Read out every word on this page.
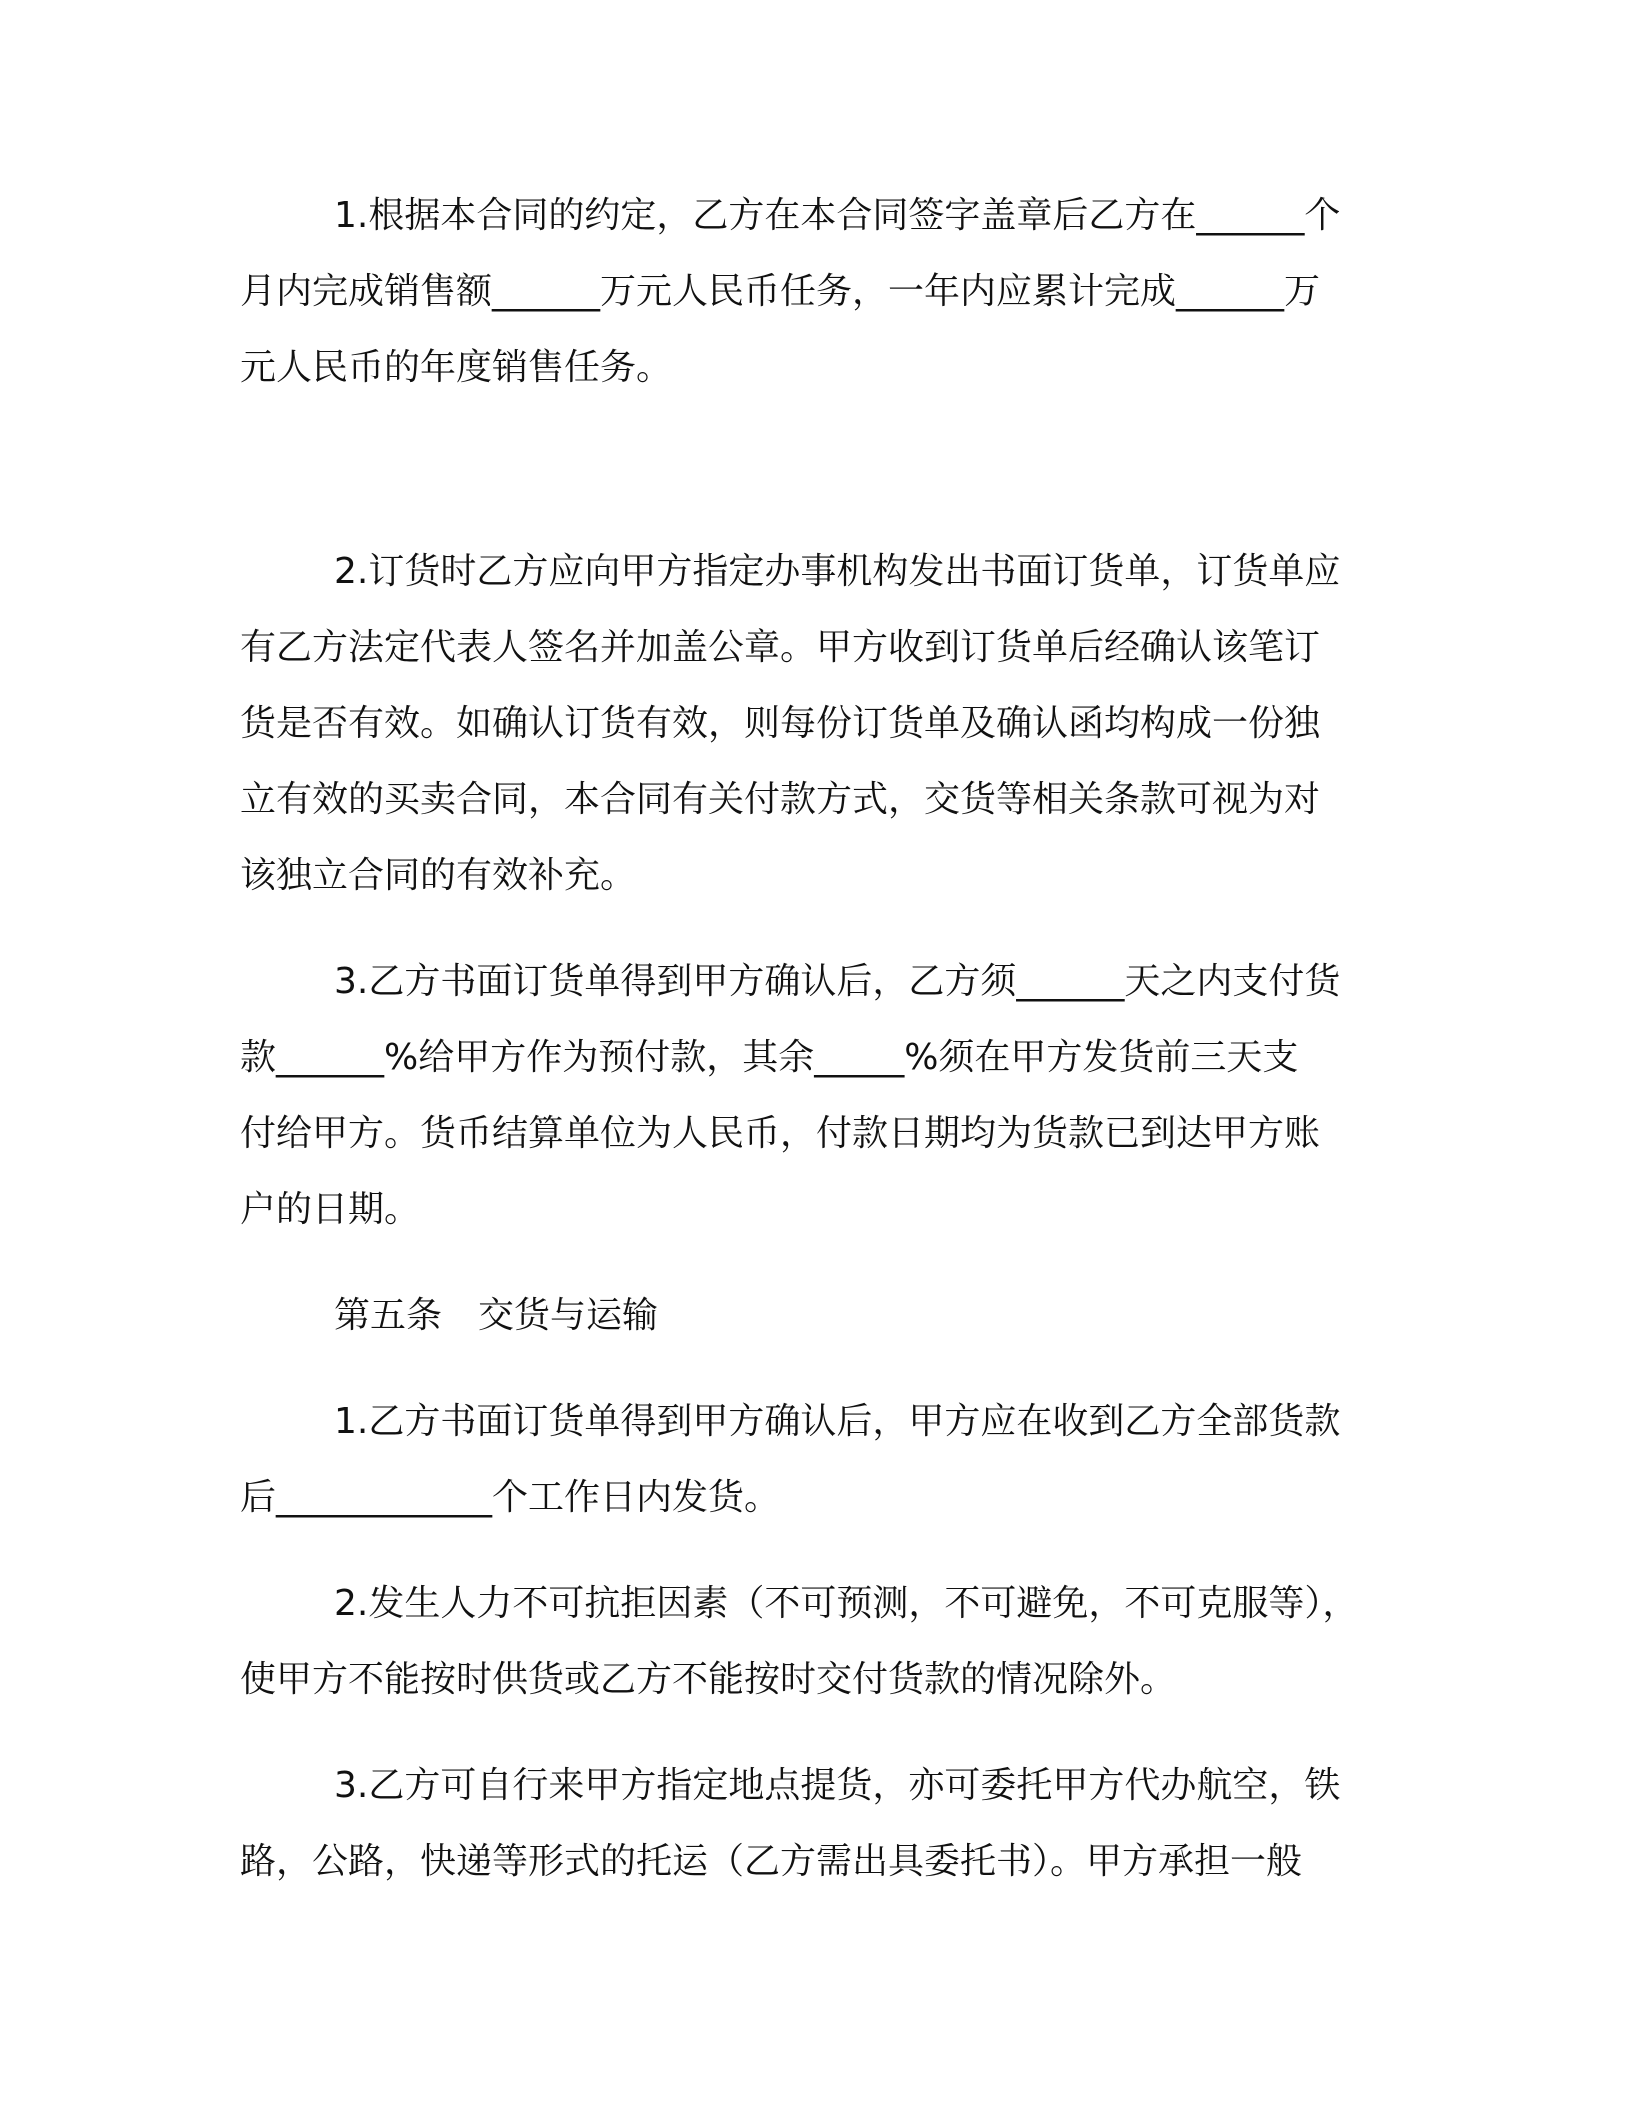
1.根据本合同的约定，乙方在本合同签字盖章后乙方在______个
月内完成销售额______万元人民币任务，一年内应累计完成______万
元人民币的年度销售任务。
2.订货时乙方应向甲方指定办事机构发出书面订货单，订货单应
有乙方法定代表人签名并加盖公章。甲方收到订货单后经确认该笔订
货是否有效。如确认订货有效，则每份订货单及确认函均构成一份独
立有效的买卖合同，本合同有关付款方式，交货等相关条款可视为对
该独立合同的有效补充。
3.乙方书面订货单得到甲方确认后，乙方须______天之内支付货
款______%给甲方作为预付款，其余_____%须在甲方发货前三天支
付给甲方。货币结算单位为人民币，付款日期均为货款已到达甲方账
户的日期。
第五条　交货与运输
1.乙方书面订货单得到甲方确认后，甲方应在收到乙方全部货款
后____________个工作日内发货。
2.发生人力不可抗拒因素（不可预测，不可避免，不可克服等），
使甲方不能按时供货或乙方不能按时交付货款的情况除外。
3.乙方可自行来甲方指定地点提货，亦可委托甲方代办航空，铁
路，公路，快递等形式的托运（乙方需出具委托书）。甲方承担一般
